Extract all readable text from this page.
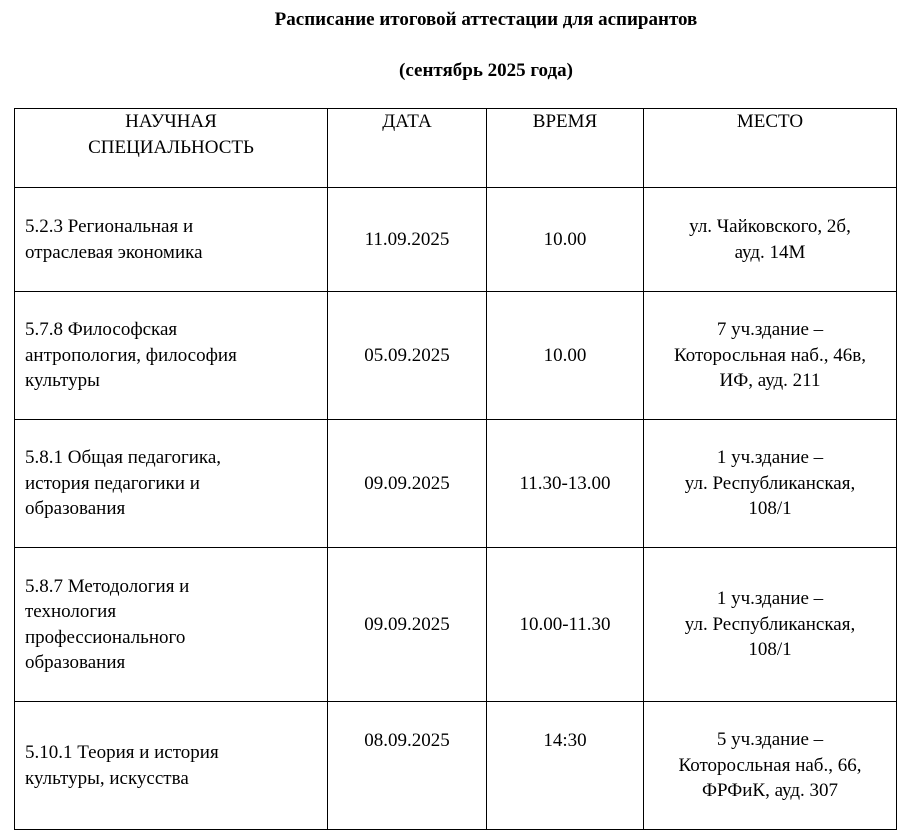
Расписание итоговой аттестации для аспирантов
(сентябрь 2025 года)
НАУЧНАЯ
СПЕЦИАЛЬНОСТЬ	ДАТА	ВРЕМЯ	МЕСТО

5.2.3 Региональная и
отраслевая экономика	11.09.2025	10.00	ул. Чайковского, 2б,
ауд. 14М

5.7.8 Философская
антропология, философия
культуры	05.09.2025	10.00	7 уч.здание –
Которосльная наб., 46в,
ИФ, ауд. 211

5.8.1 Общая педагогика,
история педагогики и
образования	09.09.2025	11.30-13.00	1 уч.здание –
ул. Республиканская,
108/1

5.8.7 Методология и
технология
профессионального
образования	09.09.2025	10.00-11.30	1 уч.здание –
ул. Республиканская,
108/1

5.10.1 Теория и история
культуры, искусства	08.09.2025	14:30	5 уч.здание –
Которосльная наб., 66,
ФРФиК, ауд. 307
